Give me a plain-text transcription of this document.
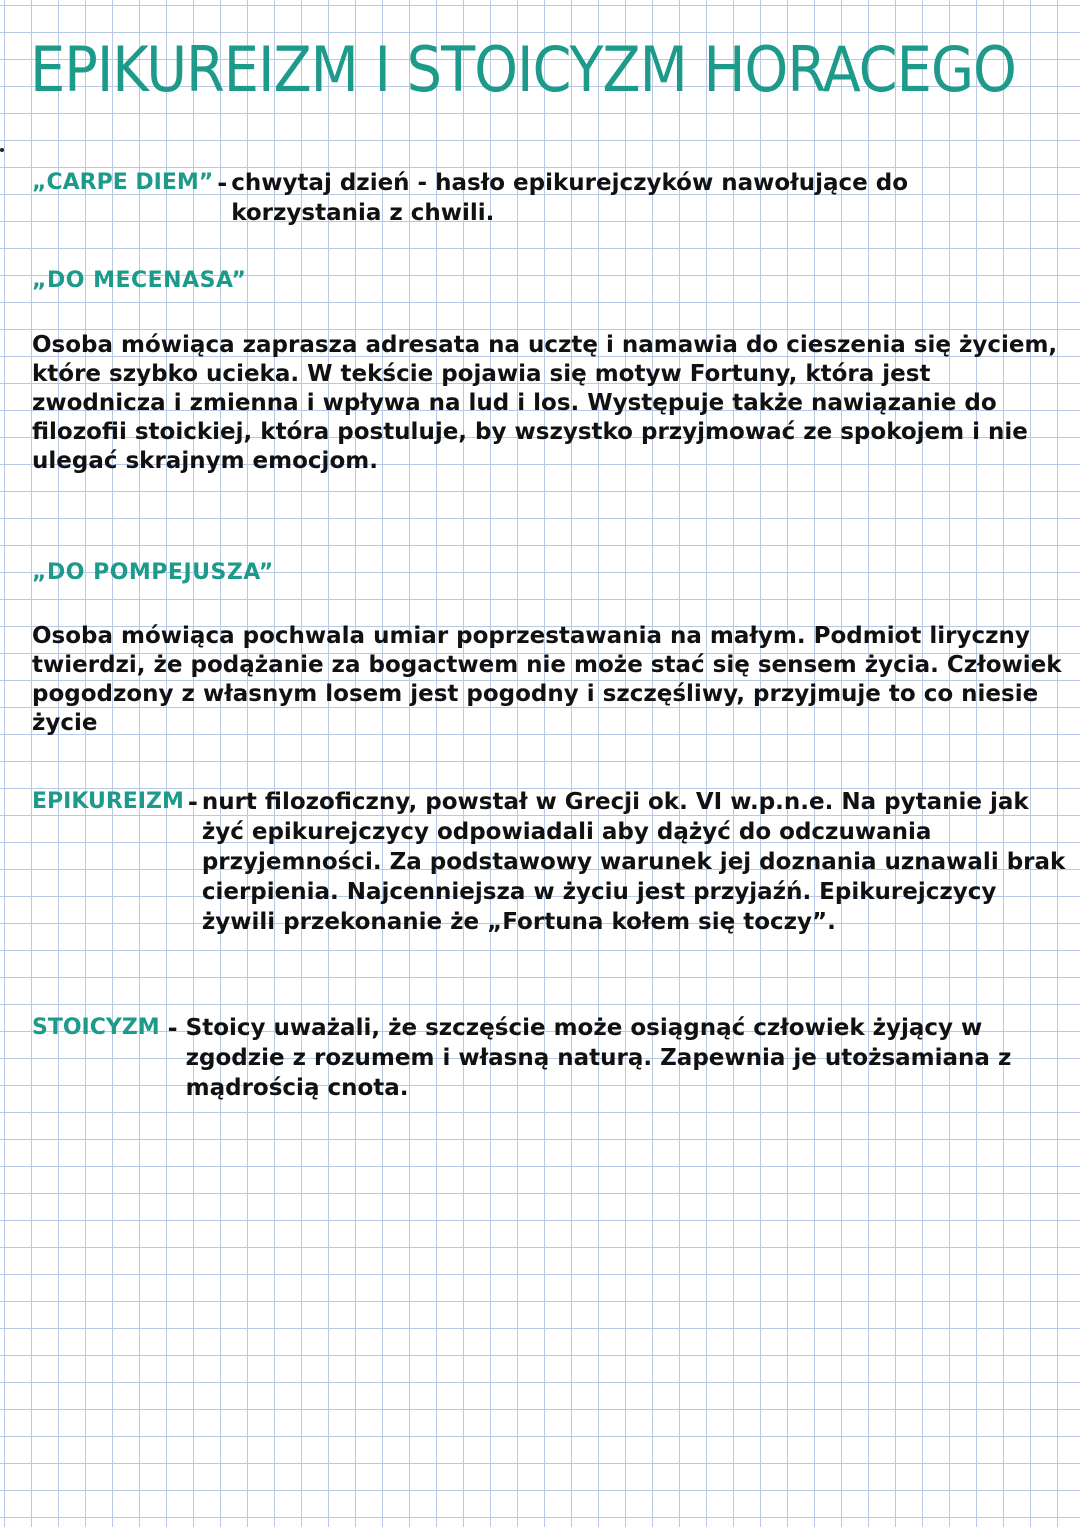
EPIKUREIZM I STOICYZM HORACEGO
„CARPE DIEM” - chwytaj dzień - hasło epikurejczyków nawołujące do korzystania z chwili.
„DO MECENASA”
Osoba mówiąca zaprasza adresata na ucztę i namawia do cieszenia się życiem, które szybko ucieka. W tekście pojawia się motyw Fortuny, która jest zwodnicza i zmienna i wpływa na lud i los. Występuje także nawiązanie do filozofii stoickiej, która postuluje, by wszystko przyjmować ze spokojem i nie ulegać skrajnym emocjom.
„DO POMPEJUSZA”
Osoba mówiąca pochwala umiar poprzestawania na małym. Podmiot liryczny twierdzi, że podążanie za bogactwem nie może stać się sensem życia. Człowiek pogodzony z własnym losem jest pogodny i szczęśliwy, przyjmuje to co niesie życie
EPIKUREIZM - nurt filozoficzny, powstał w Grecji ok. VI w.p.n.e. Na pytanie jak żyć epikurejczycy odpowiadali aby dążyć do odczuwania przyjemności. Za podstawowy warunek jej doznania uznawali brak cierpienia. Najcenniejsza w życiu jest przyjaźń. Epikurejczycy żywili przekonanie że „Fortuna kołem się toczy”.
STOICYZM - Stoicy uważali, że szczęście może osiągnąć człowiek żyjący w zgodzie z rozumem i własną naturą. Zapewnia je utożsamiana z mądrością cnota.
